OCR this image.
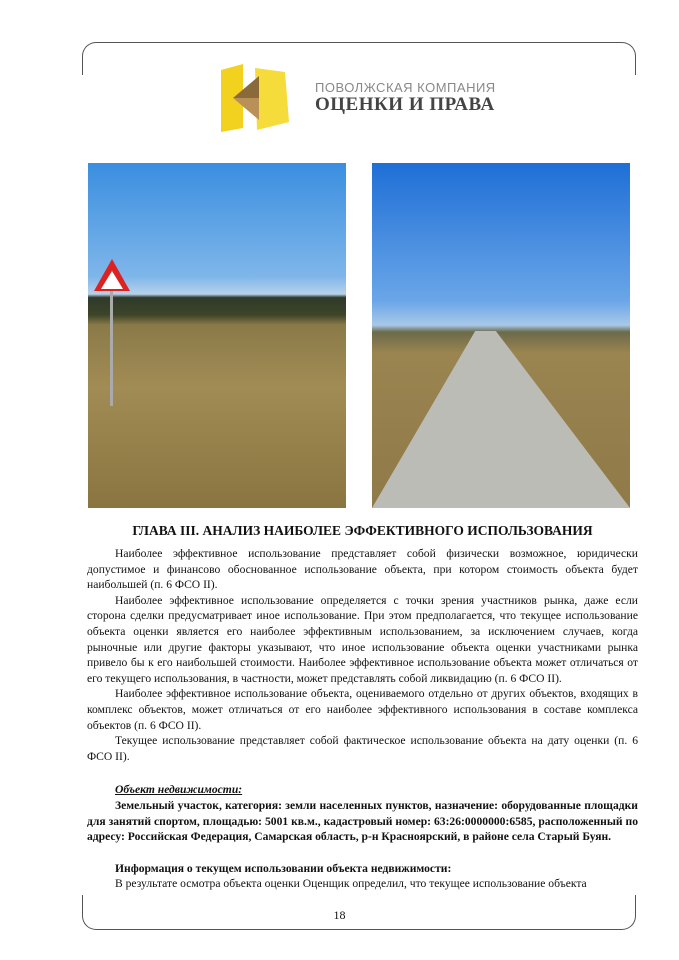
ПОВОЛЖСКАЯ КОМПАНИЯ
ОЦЕНКИ И ПРАВА
ГЛАВА III. АНАЛИЗ НАИБОЛЕЕ ЭФФЕКТИВНОГО ИСПОЛЬЗОВАНИЯ

Наиболее эффективное использование представляет собой физически возможное, юридически допустимое и финансово обоснованное использование объекта, при котором стоимость объекта будет наибольшей (п. 6 ФСО II).

Наиболее эффективное использование определяется с точки зрения участников рынка, даже если сторона сделки предусматривает иное использование. При этом предполагается, что текущее использование объекта оценки является его наиболее эффективным использованием, за исключением случаев, когда рыночные или другие факторы указывают, что иное использование объекта оценки участниками рынка привело бы к его наибольшей стоимости. Наиболее эффективное использование объекта может отличаться от его текущего использования, в частности, может представлять собой ликвидацию (п. 6 ФСО II).

Наиболее эффективное использование объекта, оцениваемого отдельно от других объектов, входящих в комплекс объектов, может отличаться от его наиболее эффективного использования в составе комплекса объектов (п. 6 ФСО II).

Текущее использование представляет собой фактическое использование объекта на дату оценки (п. 6 ФСО II).

Объект недвижимости:

Земельный участок, категория: земли населенных пунктов, назначение: оборудованные площадки для занятий спортом, площадью: 5001 кв.м., кадастровый номер: 63:26:0000000:6585, расположенный по адресу: Российская Федерация, Самарская область, р-н Красноярский, в районе села Старый Буян.

Информация о текущем использовании объекта недвижимости:

В результате осмотра объекта оценки Оценщик определил, что текущее использование объекта

18
